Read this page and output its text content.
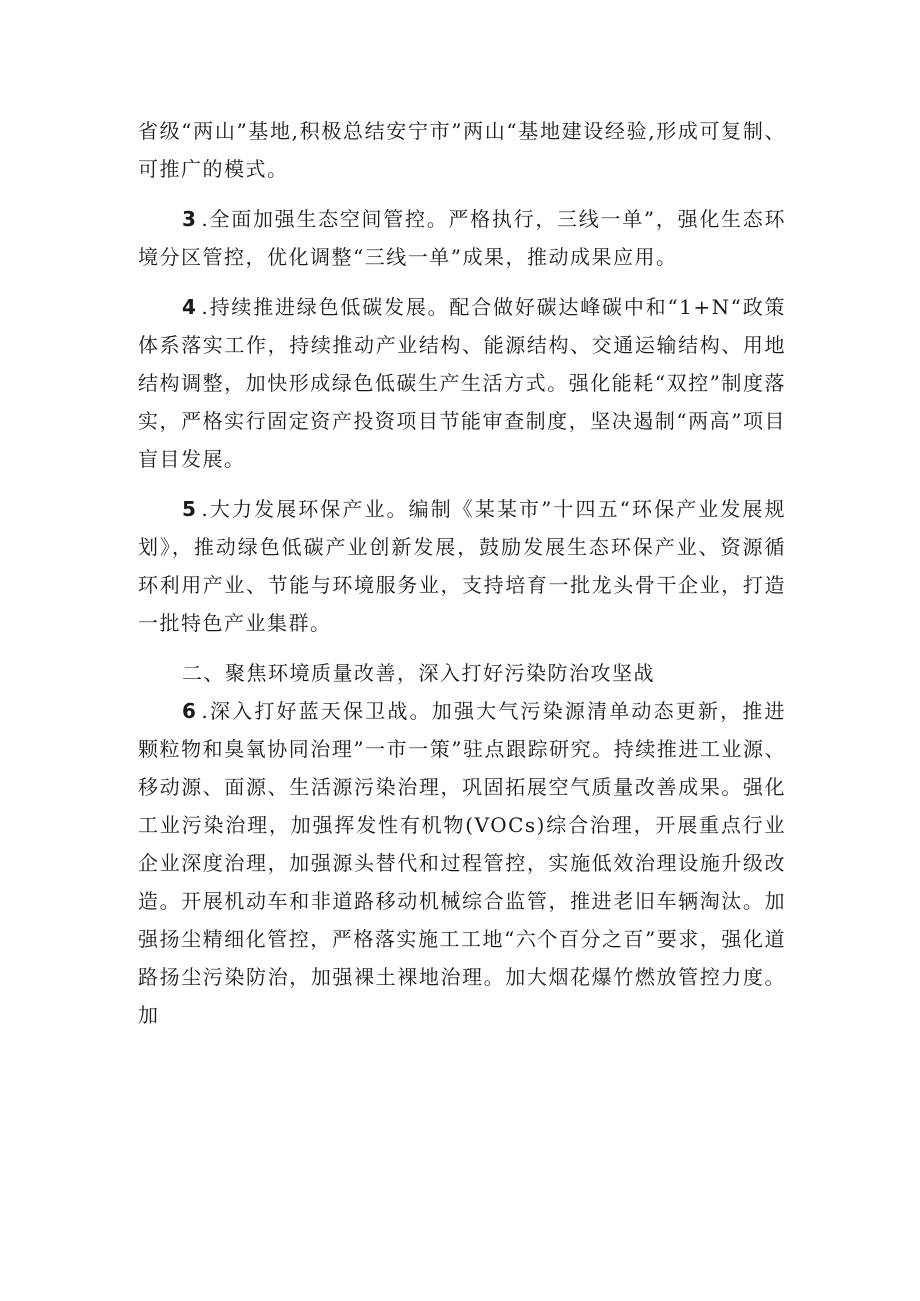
省级“两山”基地,积极总结安宁市”两山“基地建设经验,形成可复制、可推广的模式。

3 .全面加强生态空间管控。严格执行，三线一单”，强化生态环境分区管控，优化调整“三线一单”成果，推动成果应用。

4 .持续推进绿色低碳发展。配合做好碳达峰碳中和“1+N“政策体系落实工作，持续推动产业结构、能源结构、交通运输结构、用地结构调整，加快形成绿色低碳生产生活方式。强化能耗“双控”制度落实，严格实行固定资产投资项目节能审查制度，坚决遏制“两高”项目盲目发展。

5 .大力发展环保产业。编制《某某市”十四五“环保产业发展规划》，推动绿色低碳产业创新发展，鼓励发展生态环保产业、资源循环利用产业、节能与环境服务业，支持培育一批龙头骨干企业，打造一批特色产业集群。

二、聚焦环境质量改善，深入打好污染防治攻坚战

6 .深入打好蓝天保卫战。加强大气污染源清单动态更新，推进颗粒物和臭氧协同治理”一市一策”驻点跟踪研究。持续推进工业源、移动源、面源、生活源污染治理，巩固拓展空气质量改善成果。强化工业污染治理，加强挥发性有机物(VOCs)综合治理，开展重点行业企业深度治理，加强源头替代和过程管控，实施低效治理设施升级改造。开展机动车和非道路移动机械综合监管，推进老旧车辆淘汰。加强扬尘精细化管控，严格落实施工工地“六个百分之百”要求，强化道路扬尘污染防治，加强裸土裸地治理。加大烟花爆竹燃放管控力度。加
